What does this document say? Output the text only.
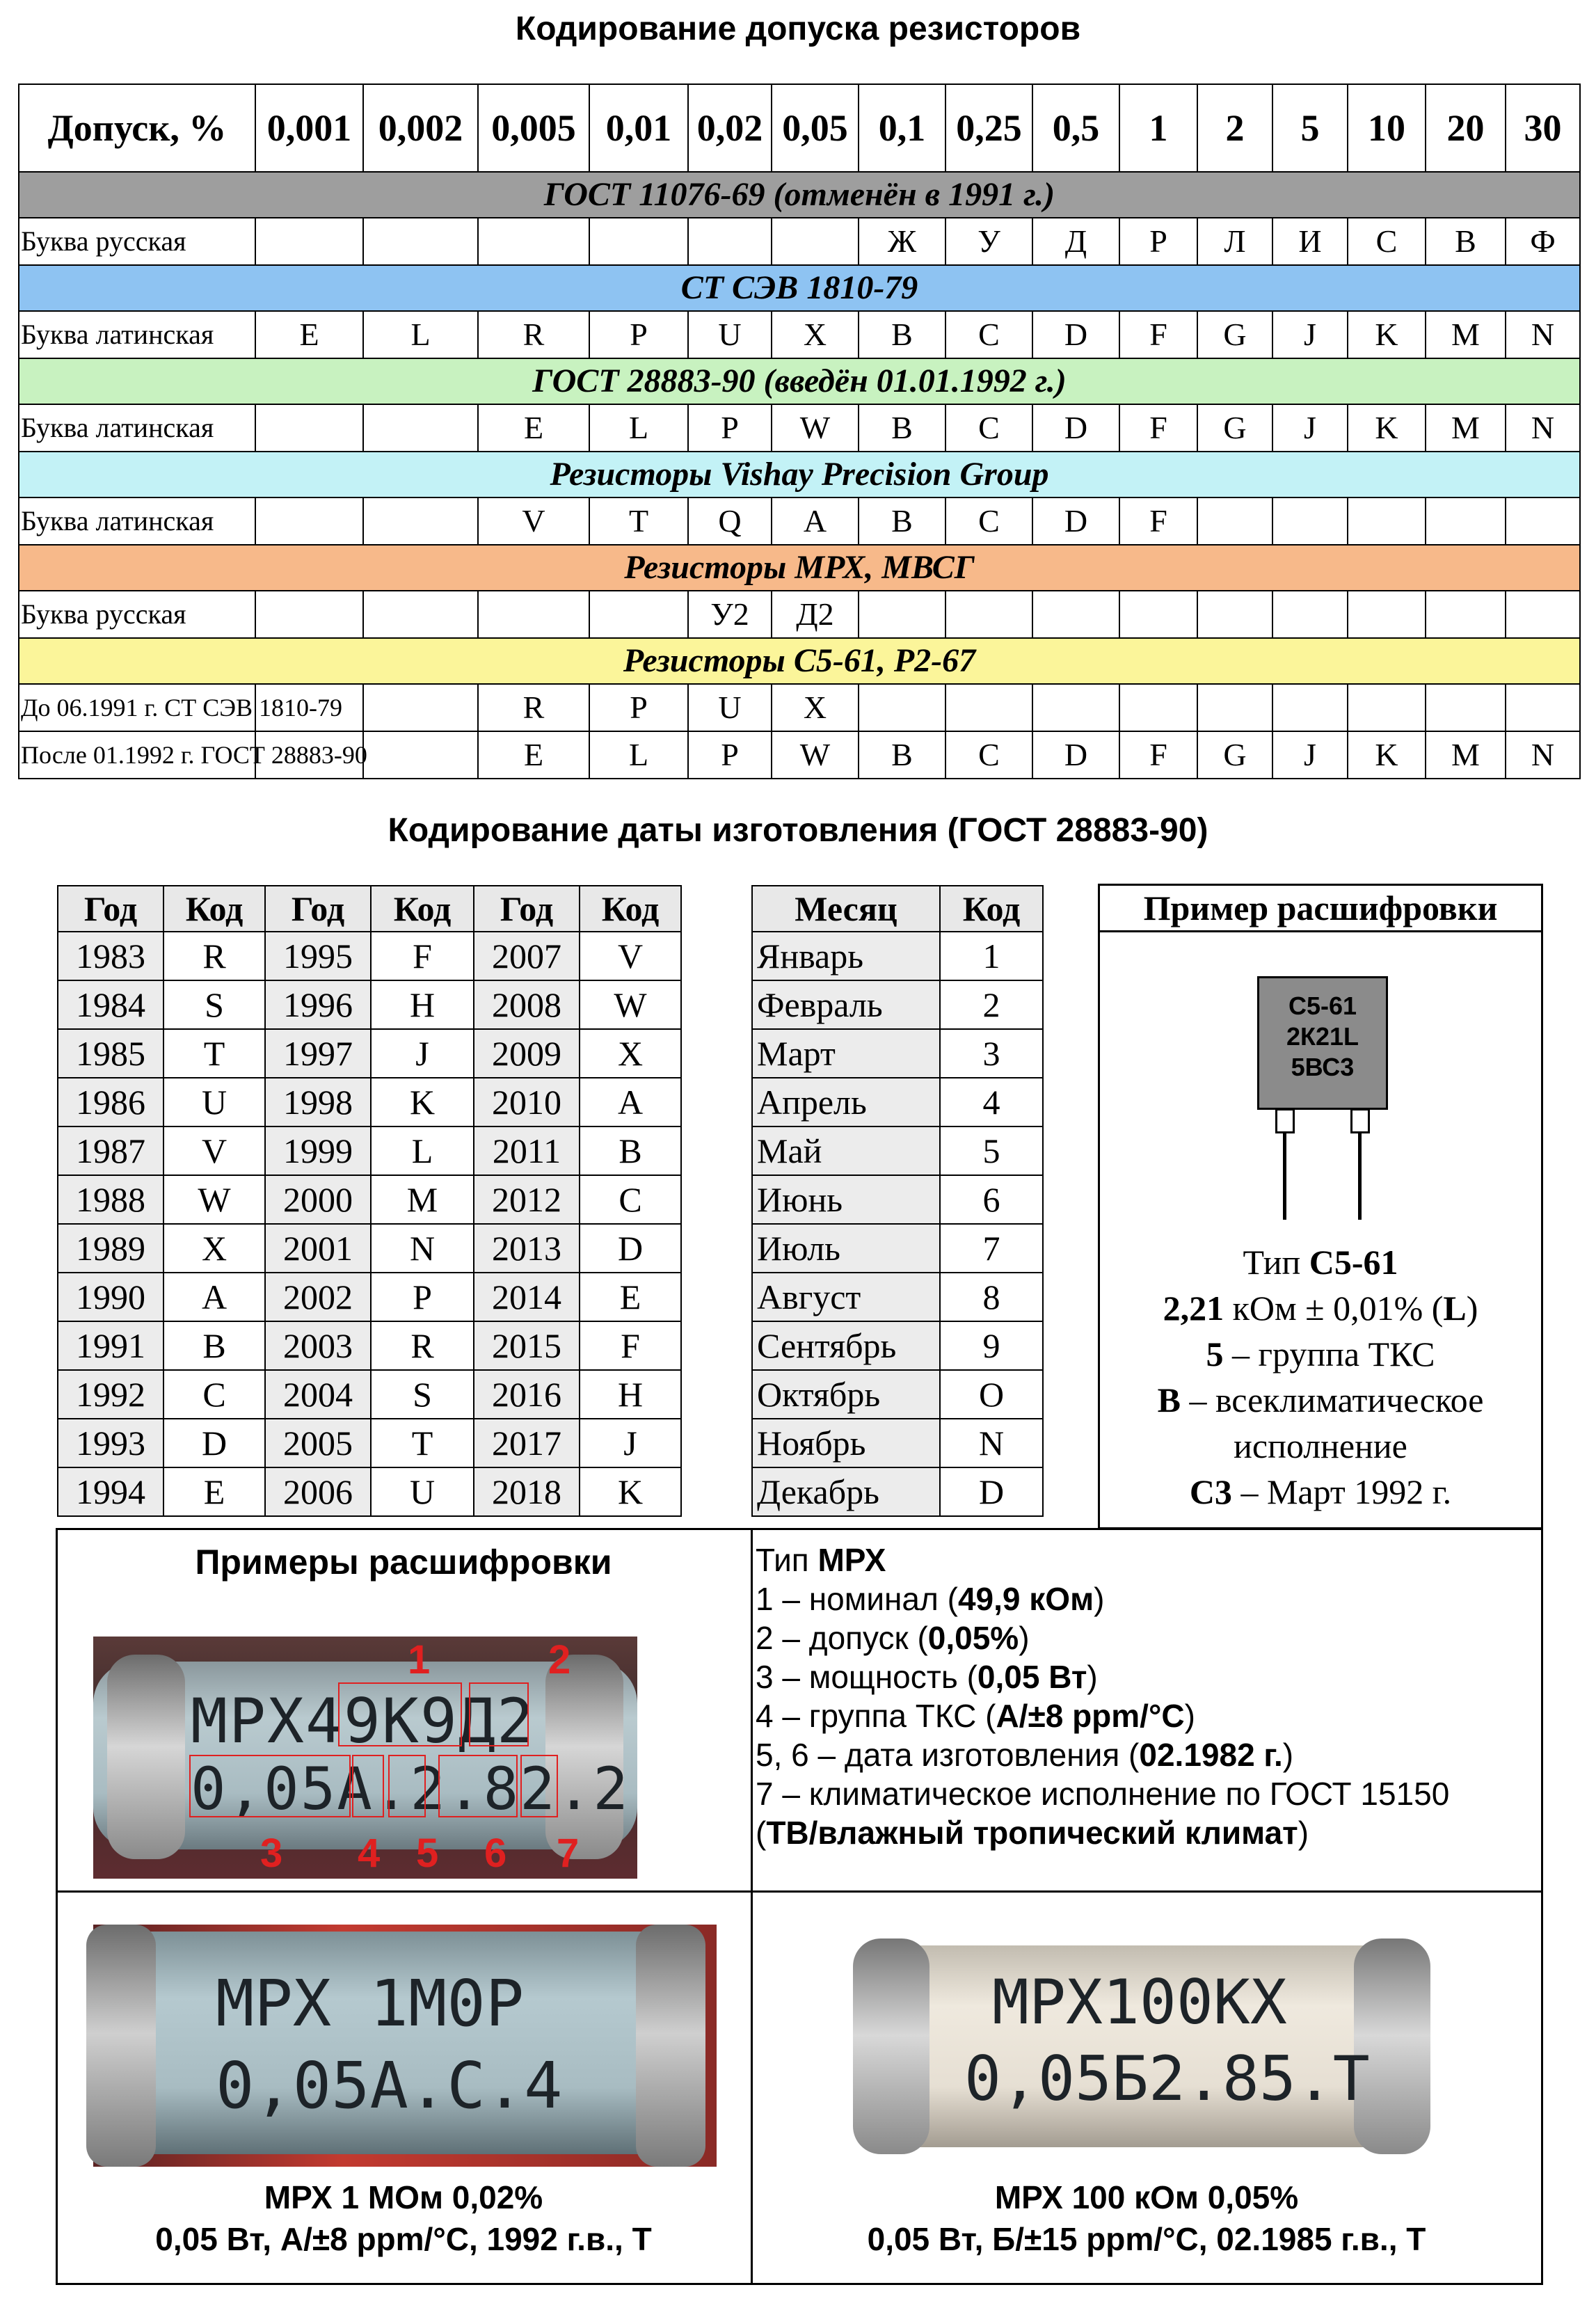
Кодирование допуска резисторов
Допуск, %	0,001	0,002	0,005	0,01	0,02	0,05	0,1	0,25	0,5	1	2	5	10	20	30
ГОСТ 11076-69 (отменён в 1991 г.)															
Буква русская							Ж	У	Д	Р	Л	И	С	В	Ф
СТ СЭВ 1810-79															
Буква латинская	E	L	R	P	U	X	B	C	D	F	G	J	K	M	N
ГОСТ 28883-90 (введён 01.01.1992 г.)															
Буква латинская			E	L	P	W	B	C	D	F	G	J	K	M	N
Резисторы Vishay Precision Group															
Буква латинская			V	T	Q	A	B	C	D	F					
Резисторы МРХ, МВСГ															
Буква русская					У2	Д2									
Резисторы С5-61, Р2-67															
До 06.1991 г. СТ СЭВ 1810-79			R	P	U	X									
После 01.1992 г. ГОСТ 28883-90			E	L	P	W	B	C	D	F	G	J	K	M	N
Кодирование даты изготовления (ГОСТ 28883-90)
Год	Код	Год	Код	Год	Код
1983	R	1995	F	2007	V
1984	S	1996	H	2008	W
1985	T	1997	J	2009	X
1986	U	1998	K	2010	A
1987	V	1999	L	2011	B
1988	W	2000	M	2012	C
1989	X	2001	N	2013	D
1990	A	2002	P	2014	E
1991	B	2003	R	2015	F
1992	C	2004	S	2016	H
1993	D	2005	T	2017	J
1994	E	2006	U	2018	K
Месяц	Код
Январь	1
Февраль	2
Март	3
Апрель	4
Май	5
Июнь	6
Июль	7
Август	8
Сентябрь	9
Октябрь	O
Ноябрь	N
Декабрь	D
Пример расшифровки
С5-61
2К21L
5ВС3
Тип С5-61
2,21 кОм ± 0,01% (L)
5 – группа ТКС
В – всеклиматическое
исполнение
С3 – Март 1992 г.
Примеры расшифровки
МРХ49К9Д2
0,05А.2.82.2
1	2
3 4 5 6 7
Тип МРХ
1 – номинал (49,9 кОм)
2 – допуск (0,05%)
3 – мощность (0,05 Вт)
4 – группа ТКС (А/±8 ppm/°С)
5, 6 – дата изготовления (02.1982 г.)
7 – климатическое исполнение по ГОСТ 15150
(ТВ/влажный тропический климат)
МРХ 1М0Р
0,05А.С.4
МРХ 1 МОм 0,02%
0,05 Вт, А/±8 ppm/°С, 1992 г.в., Т
МРХ100КХ
0,05Б2.85.Т
МРХ 100 кОм 0,05%
0,05 Вт, Б/±15 ppm/°С, 02.1985 г.в., Т
